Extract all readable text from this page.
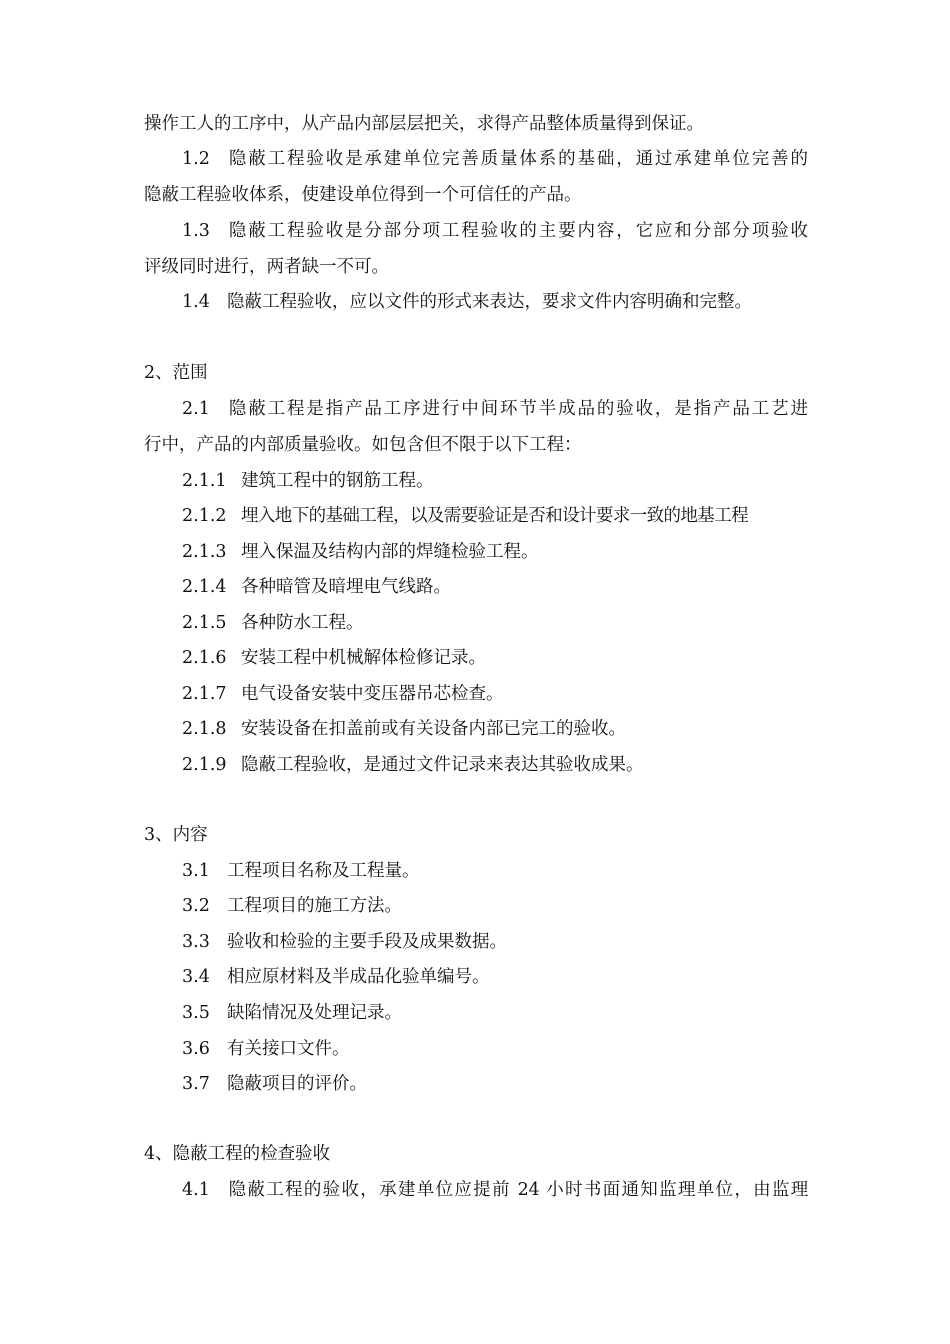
操作工人的工序中，从产品内部层层把关，求得产品整体质量得到保证。
1.2 隐蔽工程验收是承建单位完善质量体系的基础，通过承建单位完善的
隐蔽工程验收体系，使建设单位得到一个可信任的产品。
1.3 隐蔽工程验收是分部分项工程验收的主要内容，它应和分部分项验收
评级同时进行，两者缺一不可。
1.4 隐蔽工程验收，应以文件的形式来表达，要求文件内容明确和完整。
2、范围
2.1 隐蔽工程是指产品工序进行中间环节半成品的验收，是指产品工艺进
行中，产品的内部质量验收。如包含但不限于以下工程：
2.1.1 建筑工程中的钢筋工程。
2.1.2 埋入地下的基础工程，以及需要验证是否和设计要求一致的地基工程
2.1.3 埋入保温及结构内部的焊缝检验工程。
2.1.4 各种暗管及暗埋电气线路。
2.1.5 各种防水工程。
2.1.6 安装工程中机械解体检修记录。
2.1.7 电气设备安装中变压器吊芯检查。
2.1.8 安装设备在扣盖前或有关设备内部已完工的验收。
2.1.9 隐蔽工程验收，是通过文件记录来表达其验收成果。
3、内容
3.1 工程项目名称及工程量。
3.2 工程项目的施工方法。
3.3 验收和检验的主要手段及成果数据。
3.4 相应原材料及半成品化验单编号。
3.5 缺陷情况及处理记录。
3.6 有关接口文件。
3.7 隐蔽项目的评价。
4、隐蔽工程的检查验收
4.1 隐蔽工程的验收，承建单位应提前 24 小时书面通知监理单位，由监理
